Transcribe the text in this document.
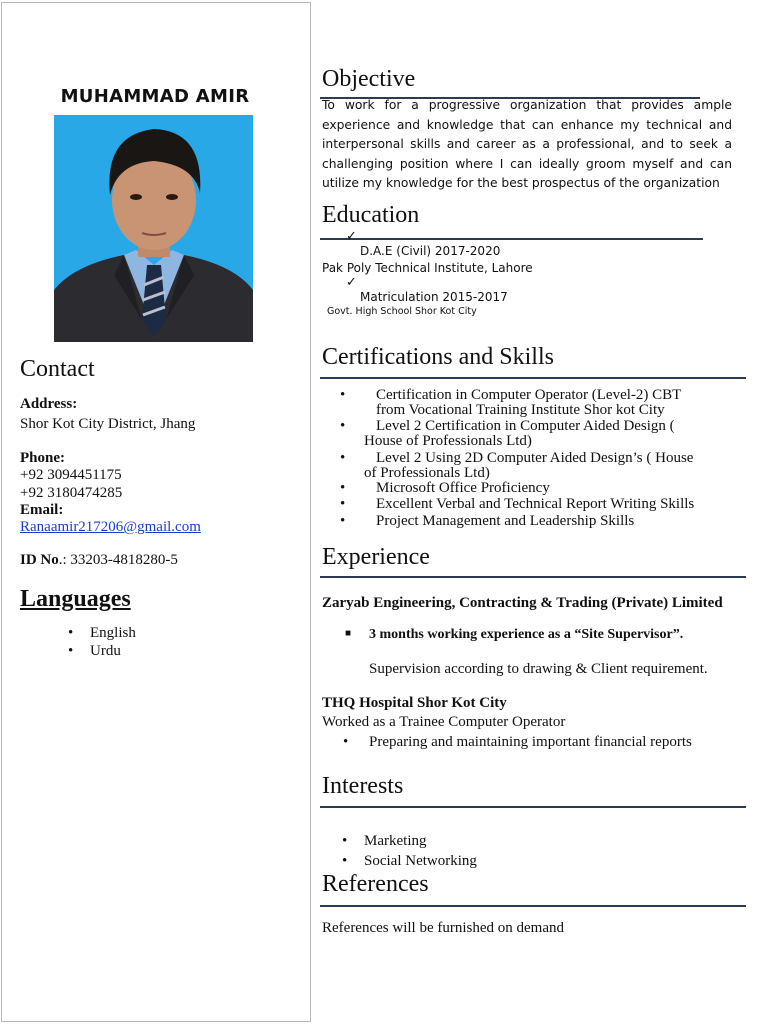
MUHAMMAD AMIR
Contact
Address:
Shor Kot City District, Jhang
Phone:
+92 3094451175
+92 3180474285
Email:
Ranaamir217206@gmail.com
ID No.: 33203-4818280-5
Languages
• English
• Urdu
Objective
To work for a progressive organization that provides ample experience and knowledge that can enhance my technical and interpersonal skills and career as a professional, and to seek a challenging position where I can ideally groom myself and can utilize my knowledge for the best prospectus of the organization
Education
✓
D.A.E (Civil) 2017-2020
Pak Poly Technical Institute, Lahore
✓
Matriculation 2015-2017
Govt. High School Shor Kot City
Certifications and Skills
• Certification in Computer Operator (Level-2) CBT
from Vocational Training Institute Shor kot City
• Level 2 Certification in Computer Aided Design (
House of Professionals Ltd)
• Level 2 Using 2D Computer Aided Design’s ( House
of Professionals Ltd)
• Microsoft Office Proficiency
• Excellent Verbal and Technical Report Writing Skills
• Project Management and Leadership Skills
Experience
Zaryab Engineering, Contracting & Trading (Private) Limited
■ 3 months working experience as a “Site Supervisor”.
Supervision according to drawing & Client requirement.
THQ Hospital Shor Kot City
Worked as a Trainee Computer Operator
• Preparing and maintaining important financial reports
Interests
• Marketing
• Social Networking
References
References will be furnished on demand
